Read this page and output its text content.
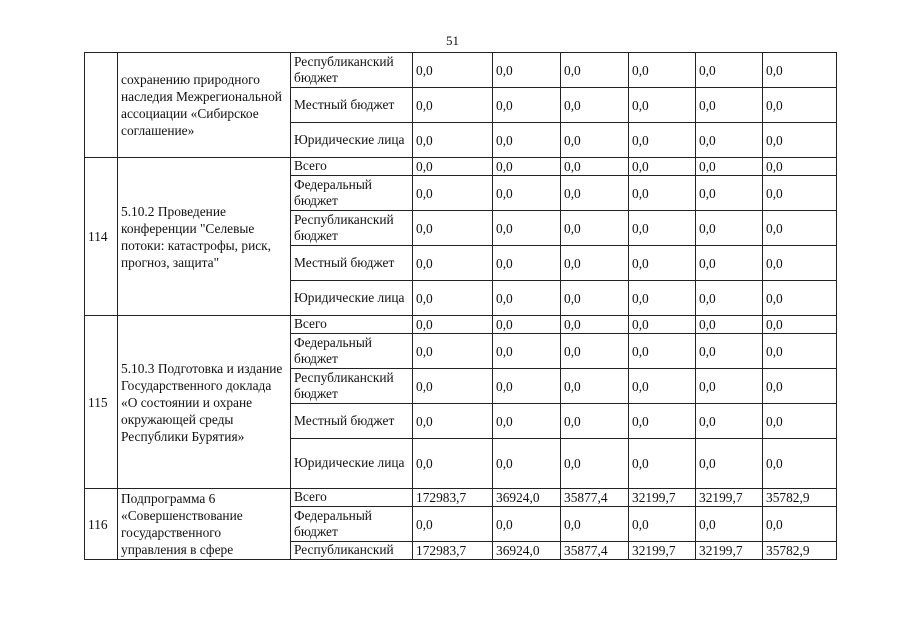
51
	сохранению природного наследия Межрегиональной ассоциации «Сибирское соглашение»	Республиканский бюджет	0,0	0,0	0,0	0,0	0,0	0,0
		Местный бюджет	0,0	0,0	0,0	0,0	0,0	0,0
		Юридические лица	0,0	0,0	0,0	0,0	0,0	0,0
114	5.10.2 Проведение конференции "Селевые потоки: катастрофы, риск, прогноз, защита"	Всего	0,0	0,0	0,0	0,0	0,0	0,0
		Федеральный бюджет	0,0	0,0	0,0	0,0	0,0	0,0
		Республиканский бюджет	0,0	0,0	0,0	0,0	0,0	0,0
		Местный бюджет	0,0	0,0	0,0	0,0	0,0	0,0
		Юридические лица	0,0	0,0	0,0	0,0	0,0	0,0
115	5.10.3 Подготовка и издание Государственного доклада «О состоянии и охране окружающей среды Республики Бурятия»	Всего	0,0	0,0	0,0	0,0	0,0	0,0
		Федеральный бюджет	0,0	0,0	0,0	0,0	0,0	0,0
		Республиканский бюджет	0,0	0,0	0,0	0,0	0,0	0,0
		Местный бюджет	0,0	0,0	0,0	0,0	0,0	0,0
		Юридические лица	0,0	0,0	0,0	0,0	0,0	0,0
116	Подпрограмма 6 «Совершенствование государственного управления в сфере	Всего	172983,7	36924,0	35877,4	32199,7	32199,7	35782,9
		Федеральный бюджет	0,0	0,0	0,0	0,0	0,0	0,0
		Республиканский	172983,7	36924,0	35877,4	32199,7	32199,7	35782,9
